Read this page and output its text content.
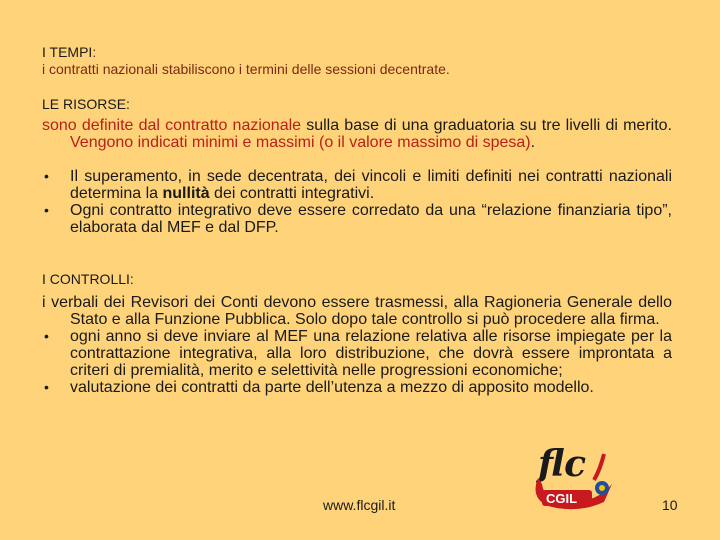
I TEMPI:
i contratti nazionali stabiliscono i termini delle sessioni decentrate.
LE RISORSE:
sono definite dal contratto nazionale sulla base di una graduatoria su tre livelli di merito. Vengono indicati minimi e massimi (o il valore massimo di spesa).
• Il superamento, in sede decentrata, dei vincoli e limiti definiti nei contratti nazionali determina la nullità dei contratti integrativi.
• Ogni contratto integrativo deve essere corredato da una “relazione finanziaria tipo”, elaborata dal MEF e dal DFP.
I CONTROLLI:
i verbali dei Revisori dei Conti devono essere trasmessi, alla Ragioneria Generale dello Stato e alla Funzione Pubblica. Solo dopo tale controllo si può procedere alla firma.
• ogni anno si deve inviare al MEF una relazione relativa alle risorse impiegate per la contrattazione integrativa, alla loro distribuzione, che dovrà essere improntata a criteri di premialità, merito e selettività nelle progressioni economiche;
• valutazione dei contratti da parte dell’utenza a mezzo di apposito modello.
flc
CGIL
www.flcgil.it	10
